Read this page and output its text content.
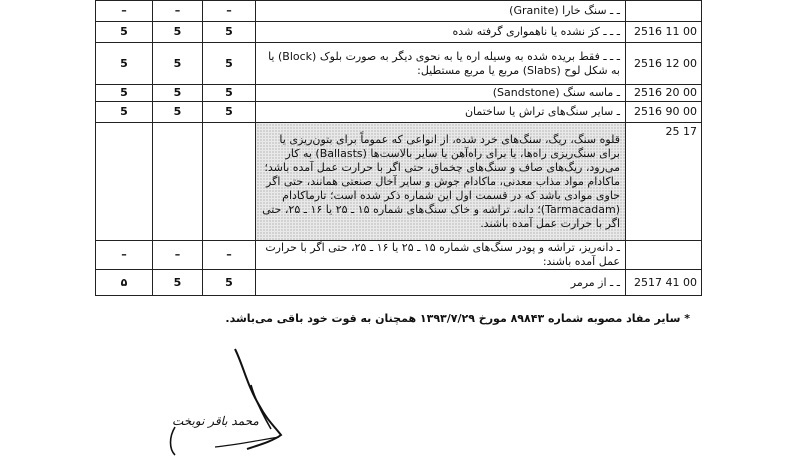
–	–	–	ـ ـ سنگ خارا (Granite)	
5	5	5	ـ ـ ـ کرَ نشده یا ناهمواری گرفته شده	2516 11 00
5	5	5	ـ ـ ـ فقط بریده شده به وسیله اره یا به نحوی دیگر به صورت بلوک (Block) یا به شکل لوح (Slabs) مربع یا مربع مستطیل:	2516 12 00
5	5	5	ـ ماسه سنگ (Sandstone)	2516 20 00
5	5	5	ـ سایر سنگ‌های تراش یا ساختمان	2516 90 00
			قلوه سنگ، ریگ، سنگ‌های خرد شده، از انواعی که عموماً برای بتون‌ریزی یا برای سنگ‌ریزی راه‌ها، یا برای راه‌آهن یا سایر بالاست‌ها (Ballasts) به کار می‌رود، ریگ‌های صاف و سنگ‌های چخماق، حتی اگر با حرارت عمل آمده باشد؛ ماکادام مواد مذاب معدنی، ماکادام جوش و سایر آخال صنعتی همانند، حتی اگر حاوی موادی باشد که در قسمت اول این شماره ذکر شده است؛ تارماکادام (Tarmacadam)؛ دانه، تراشه و خاک سنگ‌های شماره ۱۵ ـ ۲۵ یا ۱۶ ـ ۲۵، حتی اگر با حرارت عمل آمده باشند.	25 17
–	–	–	ـ دانه‌ریز، تراشه و پودر سنگ‌های شماره ۱۵ ـ ۲۵ یا ۱۶ ـ ۲۵، حتی اگر با حرارت عمل آمده باشند:	
۵	5	5	ـ ـ از مرمر	2517 41 00
* سایر مفاد مصوبه شماره ۸۹۸۴۳ مورخ ۱۳۹۳/۷/۲۹ همچنان به قوت خود باقی می‌باشد.
محمد باقر نوبخت
